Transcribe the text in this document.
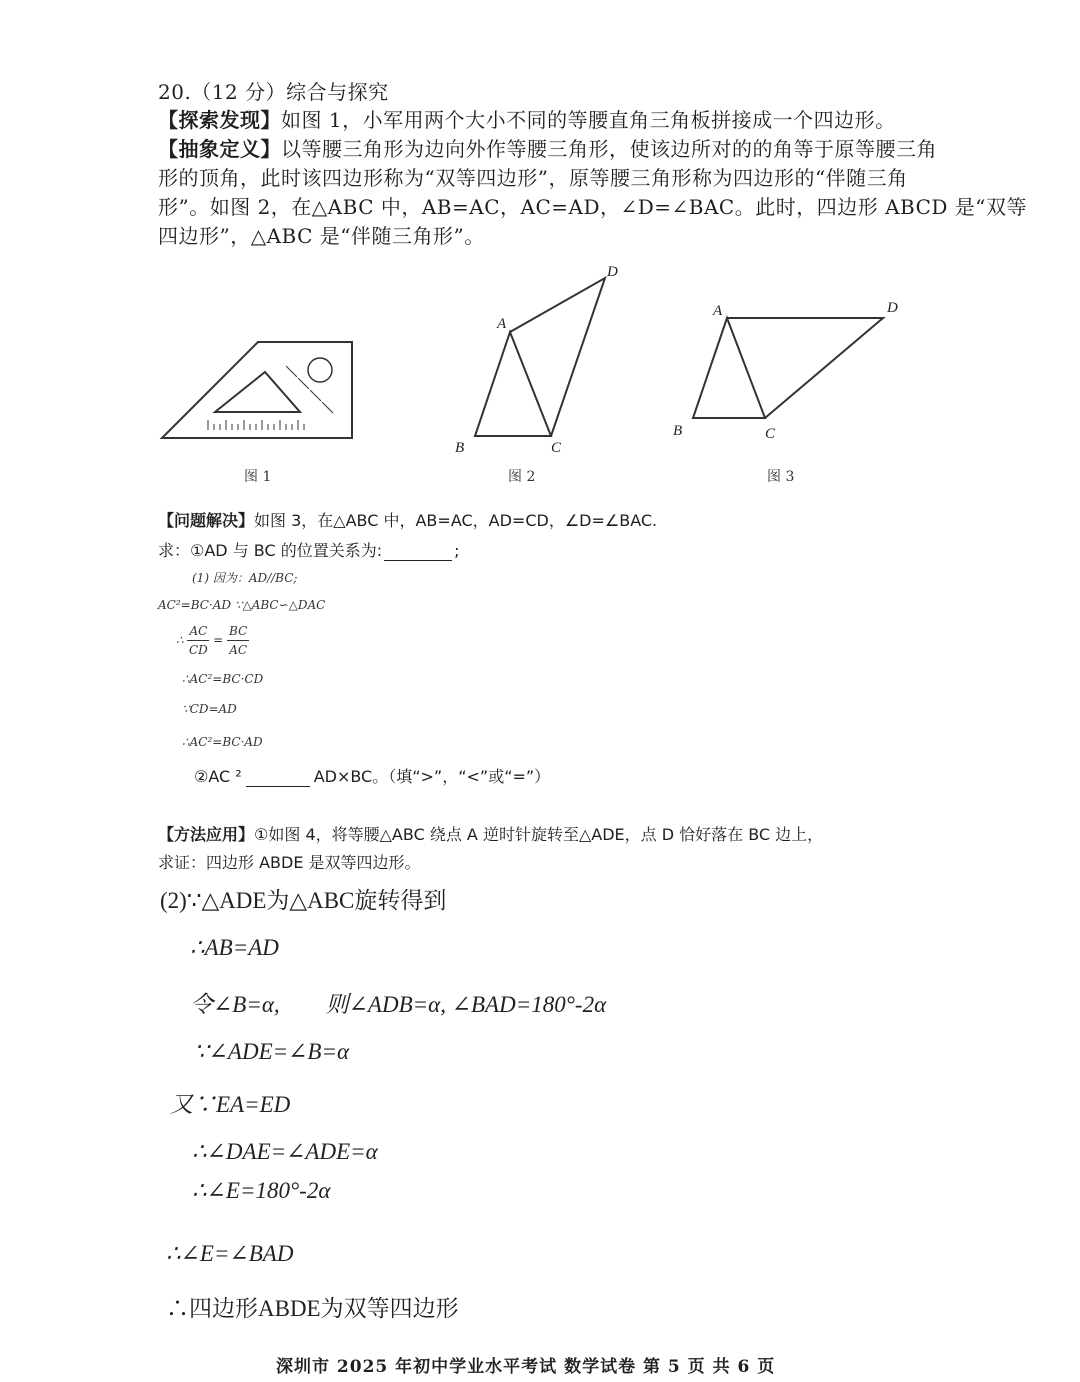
20.（12 分）综合与探究
【探索发现】如图 1，小军用两个大小不同的等腰直角三角板拼接成一个四边形。
【抽象定义】以等腰三角形为边向外作等腰三角形，使该边所对的的角等于原等腰三角
形的顶角，此时该四边形称为“双等四边形”，原等腰三角形称为四边形的“伴随三角
形”。如图 2，在△ABC 中，AB=AC，AC=AD，∠D=∠BAC。此时，四边形 ABCD 是“双等
四边形”，△ABC 是“伴随三角形”。
图 1
A
B	C
D
图 2
A
B	C
D
图 3
【问题解决】如图 3，在△ABC 中，AB=AC，AD=CD，∠D=∠BAC.
求：①AD 与 BC 的位置关系为:	;
(1) 因为：AD//BC;
AC²=BC·AD ∵△ABC∽△DAC
∴ $\frac{AC}{CD} = \frac{BC}{AC}$
∴AC²=BC·CD
∵CD=AD
∴AC²=BC·AD
②AC ²	AD×BC。（填“>”，“<”或“=”）
【方法应用】①如图 4，将等腰△ABC 绕点 A 逆时针旋转至△ADE，点 D 恰好落在 BC 边上，
求证：四边形 ABDE 是双等四边形。
(2)∵△ADE为△ABC旋转得到
∴AB=AD
令∠B=α,　　则∠ADB=α, ∠BAD=180°-2α
∵∠ADE=∠B=α
又∵EA=ED
∴∠DAE=∠ADE=α
∴∠E=180°-2α
∴∠E=∠BAD
∴四边形ABDE为双等四边形
深圳市 2025 年初中学业水平考试 数学试卷 第 5 页 共 6 页
